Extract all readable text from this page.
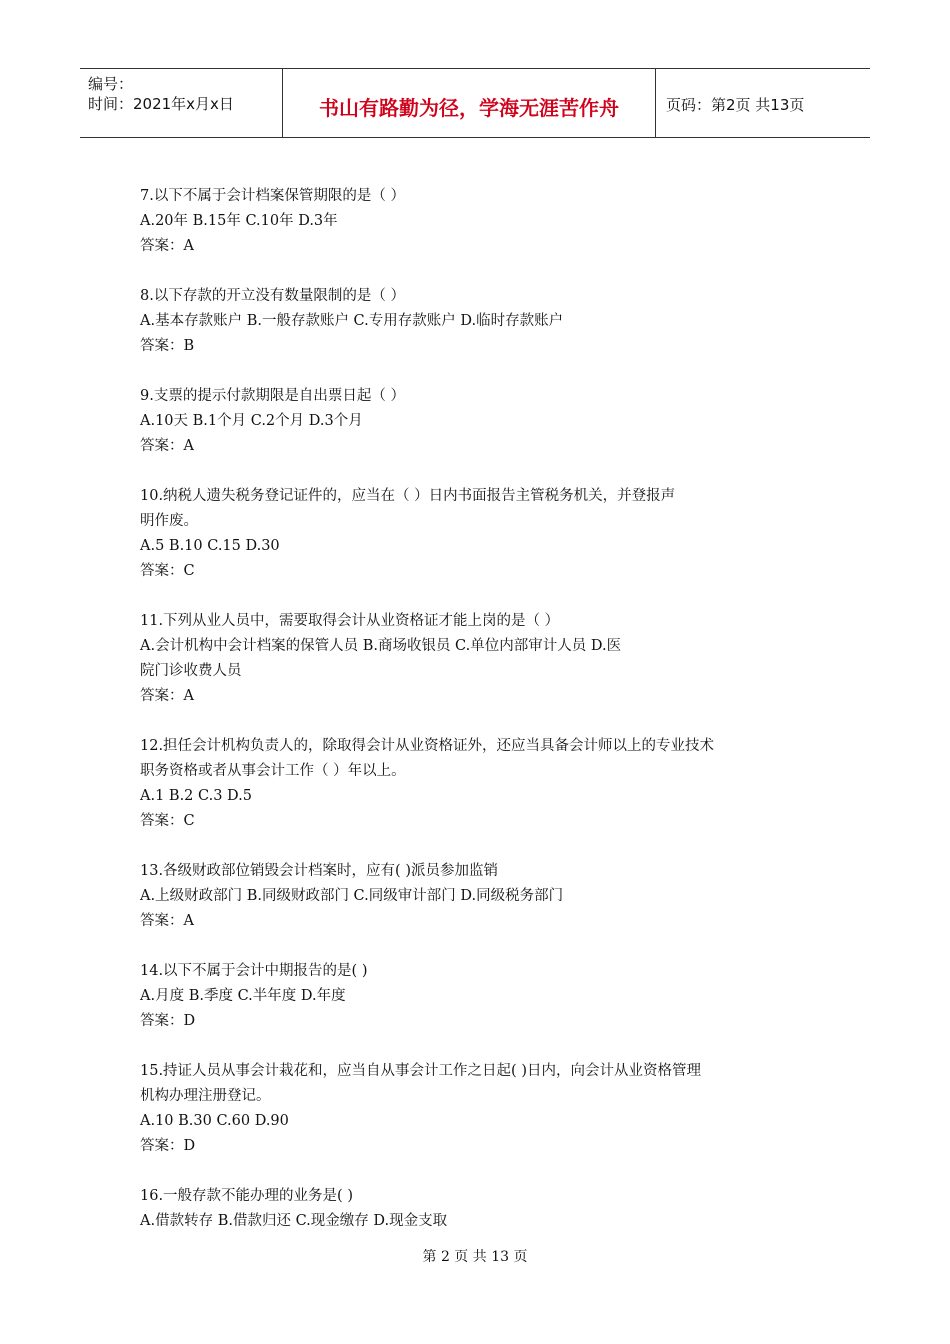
编号：
时间：2021年x月x日	书山有路勤为径，学海无涯苦作舟	页码：第2页 共13页
7.以下不属于会计档案保管期限的是（ ）
A.20年 B.15年 C.10年 D.3年
答案：A
8.以下存款的开立没有数量限制的是（ ）
A.基本存款账户 B.一般存款账户 C.专用存款账户 D.临时存款账户
答案：B
9.支票的提示付款期限是自出票日起（ ）
A.10天 B.1个月 C.2个月 D.3个月
答案：A
10.纳税人遗失税务登记证件的，应当在（ ）日内书面报告主管税务机关，并登报声
明作废。
A.5 B.10 C.15 D.30
答案：C
11.下列从业人员中，需要取得会计从业资格证才能上岗的是（ ）
A.会计机构中会计档案的保管人员 B.商场收银员 C.单位内部审计人员 D.医
院门诊收费人员
答案：A
12.担任会计机构负责人的，除取得会计从业资格证外，还应当具备会计师以上的专业技术
职务资格或者从事会计工作（ ）年以上。
A.1 B.2 C.3 D.5
答案：C
13.各级财政部位销毁会计档案时，应有( )派员参加监销
A.上级财政部门 B.同级财政部门 C.同级审计部门 D.同级税务部门
答案：A
14.以下不属于会计中期报告的是( )
A.月度 B.季度 C.半年度 D.年度
答案：D
15.持证人员从事会计栽花和，应当自从事会计工作之日起( )日内，向会计从业资格管理
机构办理注册登记。
A.10 B.30 C.60 D.90
答案：D
16.一般存款不能办理的业务是( )
A.借款转存 B.借款归还 C.现金缴存 D.现金支取
第 2 页 共 13 页
